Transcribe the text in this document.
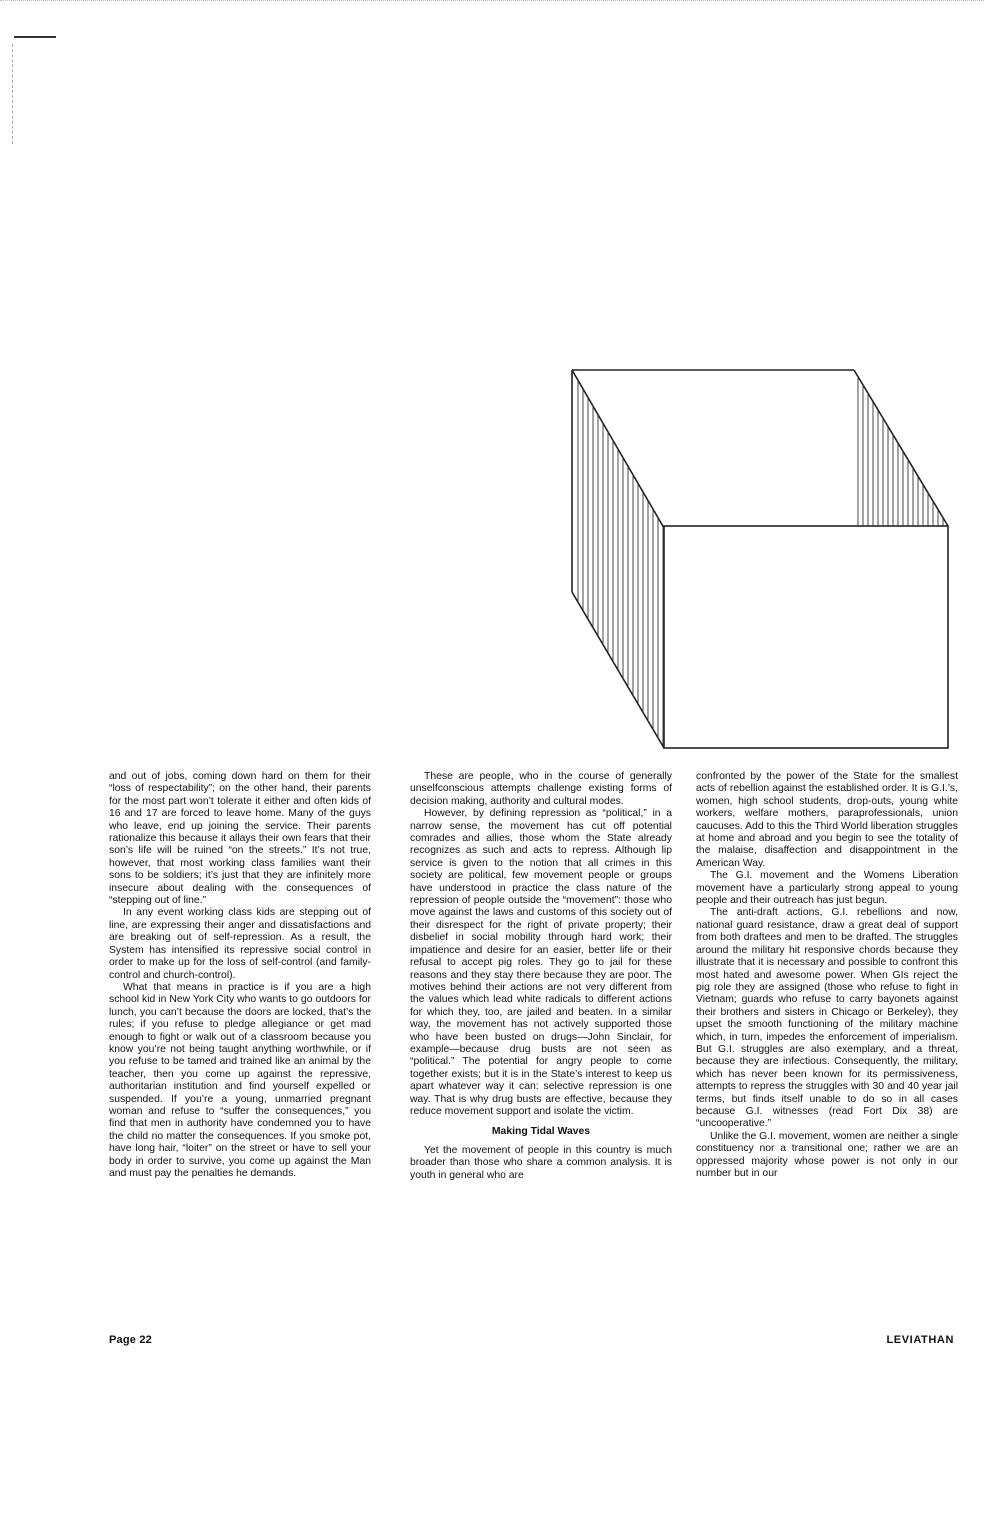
and out of jobs, coming down hard on them for their “loss of respectability”; on the other hand, their parents for the most part won’t tolerate it either and often kids of 16 and 17 are forced to leave home. Many of the guys who leave, end up joining the service. Their parents rationalize this because it allays their own fears that their son’s life will be ruined “on the streets.” It’s not true, however, that most working class families want their sons to be soldiers; it’s just that they are infinitely more insecure about dealing with the consequences of “stepping out of line.”

In any event working class kids are stepping out of line, are expressing their anger and dissatisfactions and are breaking out of self-repression. As a result, the System has intensified its repressive social control in order to make up for the loss of self-control (and family-control and church-control).

What that means in practice is if you are a high school kid in New York City who wants to go outdoors for lunch, you can’t because the doors are locked, that’s the rules; if you refuse to pledge allegiance or get mad enough to fight or walk out of a classroom because you know you’re not being taught anything worthwhile, or if you refuse to be tamed and trained like an animal by the teacher, then you come up against the repressive, authoritarian institution and find yourself expelled or suspended. If you’re a young, unmarried pregnant woman and refuse to “suffer the consequences,” you find that men in authority have condemned you to have the child no matter the consequences. If you smoke pot, have long hair, “loiter” on the street or have to sell your body in order to survive, you come up against the Man and must pay the penalties he demands.

These are people, who in the course of generally unselfconscious attempts challenge existing forms of decision making, authority and cultural modes.

However, by defining repression as “political,” in a narrow sense, the movement has cut off potential comrades and allies, those whom the State already recognizes as such and acts to repress. Although lip service is given to the notion that all crimes in this society are political, few movement people or groups have understood in practice the class nature of the repression of people outside the “movement”: those who move against the laws and customs of this society out of their disrespect for the right of private property; their disbelief in social mobility through hard work; their impatience and desire for an easier, better life or their refusal to accept pig roles. They go to jail for these reasons and they stay there because they are poor. The motives behind their actions are not very different from the values which lead white radicals to different actions for which they, too, are jailed and beaten. In a similar way, the movement has not actively supported those who have been busted on drugs—John Sinclair, for example—because drug busts are not seen as “political.” The potential for angry people to come together exists; but it is in the State’s interest to keep us apart whatever way it can: selective repression is one way. That is why drug busts are effective, because they reduce movement support and isolate the victim.

Making Tidal Waves

Yet the movement of people in this country is much broader than those who share a common analysis. It is youth in general who are

confronted by the power of the State for the smallest acts of rebellion against the established order. It is G.I.’s, women, high school students, drop-outs, young white workers, welfare mothers, paraprofessionals, union caucuses. Add to this the Third World liberation struggles at home and abroad and you begin to see the totality of the malaise, disaffection and disappointment in the American Way.

The G.I. movement and the Womens Liberation movement have a particularly strong appeal to young people and their outreach has just begun.

The anti-draft actions, G.I. rebellions and now, national guard resistance, draw a great deal of support from both draftees and men to be drafted. The struggles around the military hit responsive chords because they illustrate that it is necessary and possible to confront this most hated and awesome power. When GIs reject the pig role they are assigned (those who refuse to fight in Vietnam; guards who refuse to carry bayonets against their brothers and sisters in Chicago or Berkeley), they upset the smooth functioning of the military machine which, in turn, impedes the enforcement of imperialism. But G.I. struggles are also exemplary, and a threat, because they are infectious. Consequently, the military, which has never been known for its permissiveness, attempts to repress the struggles with 30 and 40 year jail terms, but finds itself unable to do so in all cases because G.I. witnesses (read Fort Dix 38) are “uncooperative.”

Unlike the G.I. movement, women are neither a single constituency nor a transitional one; rather we are an oppressed majority whose power is not only in our number but in our

Page 22	LEVIATHAN
